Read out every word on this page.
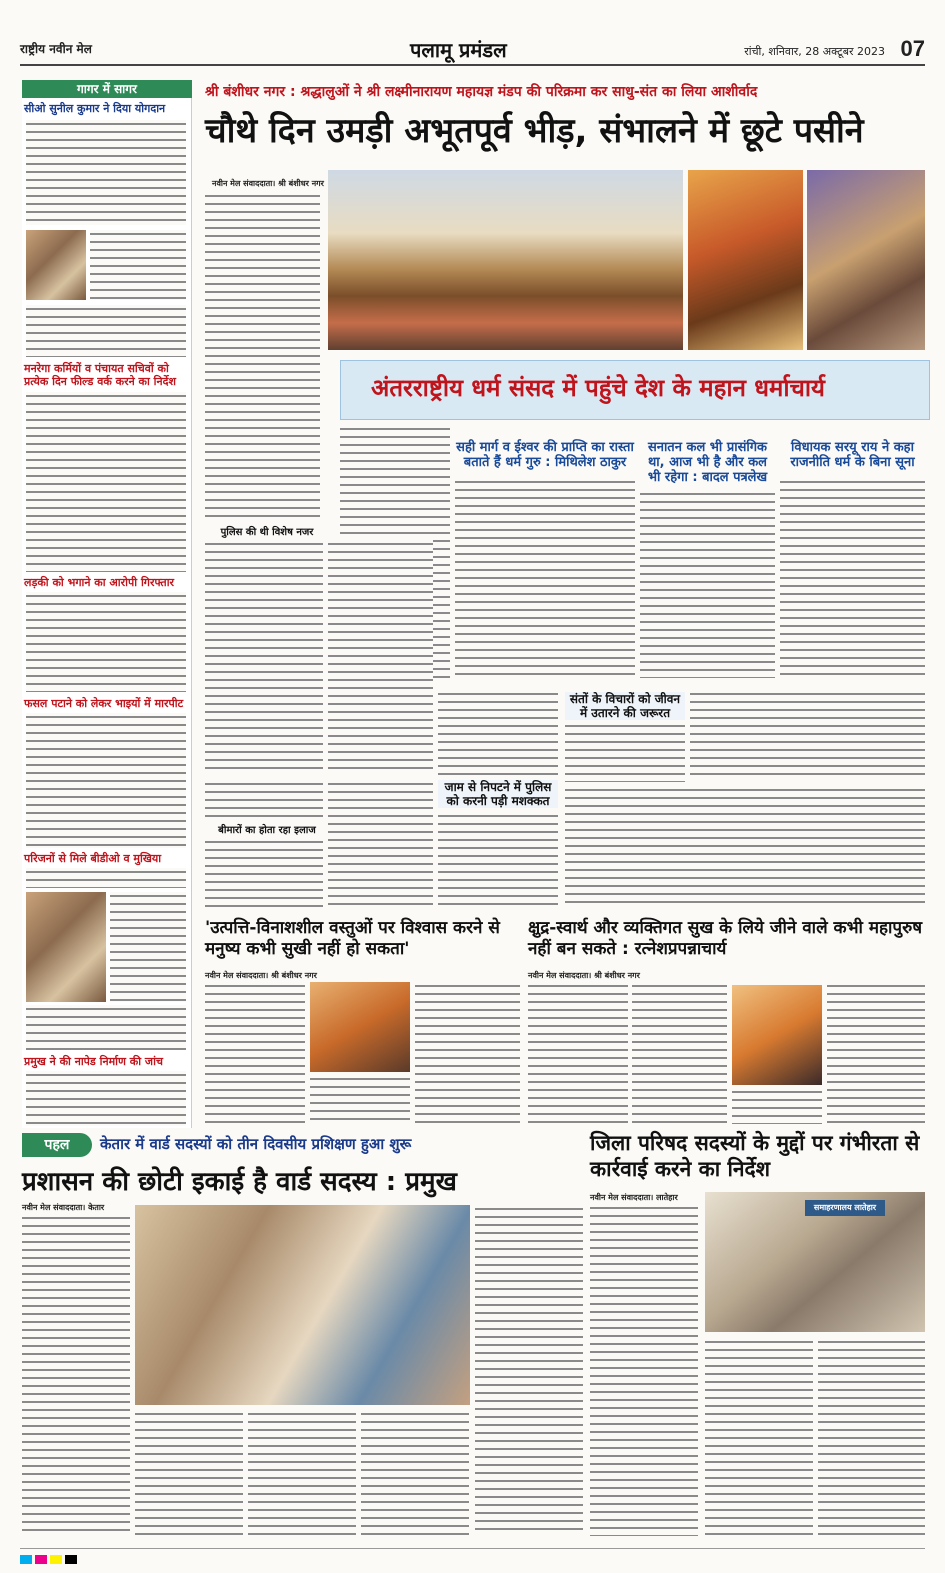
राष्ट्रीय नवीन मेल	पलामू प्रमंडल	रांची, शनिवार, 28 अक्टूबर 2023 07
गागर में सागर
सीओ सुनील कुमार ने दिया योगदान
मनरेगा कर्मियों व पंचायत सचिवों को प्रत्येक दिन फील्ड वर्क करने का निर्देश
लड़की को भगाने का आरोपी गिरफ्तार
फसल पटाने को लेकर भाइयों में मारपीट
परिजनों से मिले बीडीओ व मुखिया
प्रमुख ने की नापेड निर्माण की जांच
श्री बंशीधर नगर : श्रद्धालुओं ने श्री लक्ष्मीनारायण महायज्ञ मंडप की परिक्रमा कर साधु-संत का लिया आशीर्वाद
चौथे दिन उमड़ी अभूतपूर्व भीड़, संभालने में छूटे पसीने
नवीन मेल संवाददाता। श्री बंशीधर नगर
अंतरराष्ट्रीय धर्म संसद में पहुंचे देश के महान धर्माचार्य
सही मार्ग व ईश्वर की प्राप्ति का रास्ता बताते हैं धर्म गुरु : मिथिलेश ठाकुर
सनातन कल भी प्रासंगिक था, आज भी है और कल भी रहेगा : बादल पत्रलेख
विधायक सरयू राय ने कहा राजनीति धर्म के बिना सूना
पुलिस की थी विशेष नजर
संतों के विचारों को जीवन में उतारने की जरूरत
बीमारों का होता रहा इलाज
जाम से निपटने में पुलिस को करनी पड़ी मशक्कत
'उत्पत्ति-विनाशशील वस्तुओं पर विश्वास करने से मनुष्य कभी सुखी नहीं हो सकता'
नवीन मेल संवाददाता। श्री बंशीधर नगर
क्षुद्र-स्वार्थ और व्यक्तिगत सुख के लिये जीने वाले कभी महापुरुष नहीं बन सकते : रत्नेशप्रपन्नाचार्य
नवीन मेल संवाददाता। श्री बंशीधर नगर
पहल	केतार में वार्ड सदस्यों को तीन दिवसीय प्रशिक्षण हुआ शुरू
प्रशासन की छोटी इकाई है वार्ड सदस्य : प्रमुख
नवीन मेल संवाददाता। केतार
जिला परिषद सदस्यों के मुद्दों पर गंभीरता से कार्रवाई करने का निर्देश
नवीन मेल संवाददाता। लातेहार
समाहरणालय लातेहार
